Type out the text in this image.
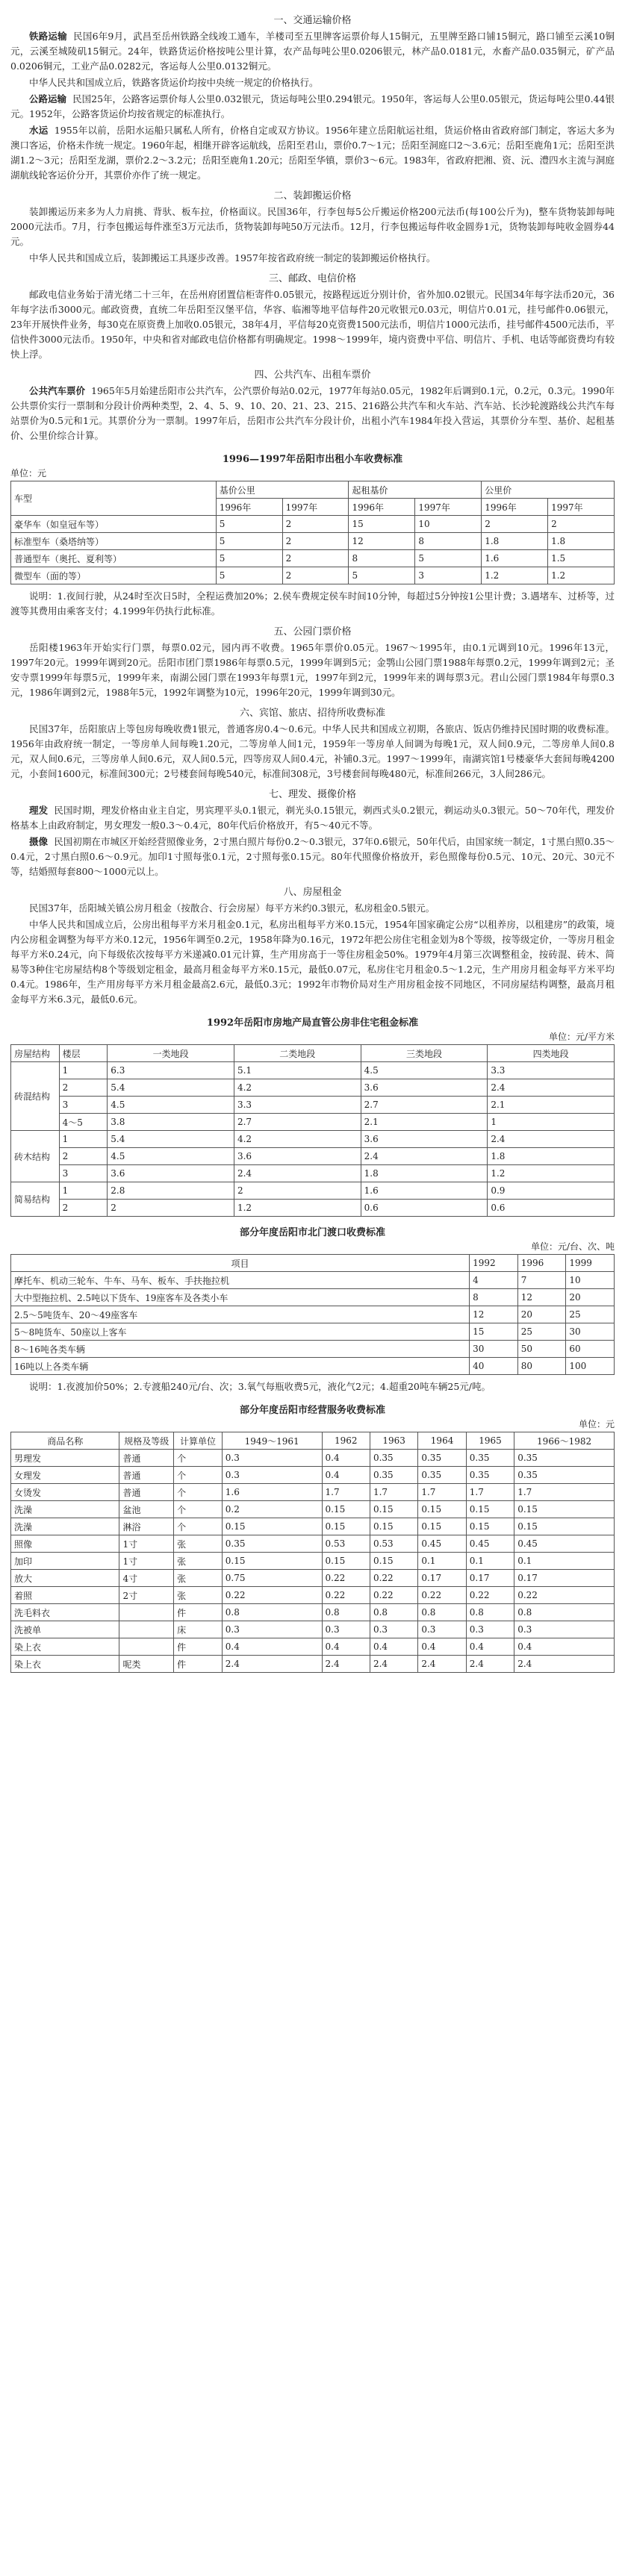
一、交通运输价格

铁路运输 民国6年9月，武昌至岳州铁路全线竣工通车，羊楼司至五里牌客运票价每人15铜元，五里牌至路口铺15铜元，路口铺至云溪10铜元，云溪至城陵矶15铜元。24年，铁路货运价格按吨公里计算，农产品每吨公里0.0206银元，林产品0.0181元，水畜产品0.035铜元，矿产品0.0206铜元，工业产品0.0282元，客运每人公里0.0132铜元。

中华人民共和国成立后，铁路客货运价均按中央统一规定的价格执行。

公路运输 民国25年，公路客运票价每人公里0.032银元，货运每吨公里0.294银元。1950年，客运每人公里0.05银元，货运每吨公里0.44银元。1952年，公路客货运价均按省规定的标准执行。

水运 1955年以前，岳阳水运船只属私人所有，价格自定或双方协议。1956年建立岳阳航运社组，货运价格由省政府部门制定，客运大多为澳口客运，价格未作统一规定。1960年起，相继开辟客运航线，岳阳至君山，票价0.7～1元；岳阳至洞庭口2～3.6元；岳阳至鹿角1元；岳阳至洪湖1.2～3元；岳阳至龙湖，票价2.2～3.2元；岳阳至鹿角1.20元；岳阳至华镇，票价3～6元。1983年，省政府把湘、资、沅、澧四水主流与洞庭湖航线轮客运价分开，其票价亦作了统一规定。

二、装卸搬运价格

装卸搬运历来多为人力肩挑、背驮、板车拉，价格面议。民国36年，行李包每5公斤搬运价格200元法币(每100公斤为)，整车货物装卸每吨2000元法币。7月，行李包搬运每件涨至3万元法币，货物装卸每吨50万元法币。12月，行李包搬运每件收金圆券1元，货物装卸每吨收金圆券44元。

中华人民共和国成立后，装卸搬运工具逐步改善。1957年按省政府统一制定的装卸搬运价格执行。

三、邮政、电信价格

邮政电信业务始于清光绪二十三年，在岳州府团置信柜寄件0.05银元，按路程远近分别计价，省外加0.02银元。民国34年每字法币20元，36年每字法币3000元。邮政资费，直统二年岳阳至汉堡平信，华容、临湘等地平信每件20元收银元0.03元，明信片0.01元，挂号邮件0.06银元，23年开展快件业务，每30克在原资费上加收0.05银元，38年4月，平信每20克资费1500元法币，明信片1000元法币，挂号邮件4500元法币，平信快件3000元法币。1950年，中央和省对邮政电信价格都有明确规定。1998～1999年，境内资费中平信、明信片、手机、电话等邮资费均有较快上浮。

四、公共汽车、出租车票价

公共汽车票价 1965年5月始建岳阳市公共汽车，公汽票价每站0.02元，1977年每站0.05元，1982年后调到0.1元，0.2元，0.3元。1990年公共票价实行一票制和分段计价两种类型，2、4、5、9、10、20、21、23、215、216路公共汽车和火车站、汽车站、长沙轮渡路线公共汽车每站票价为0.5元和1元。其票价分为一票制。1997年后，岳阳市公共汽车分段计价，出租小汽车1984年投入营运，其票价分车型、基价、起租基价、公里价综合计算。

1996—1997年岳阳市出租小车收费标准
单位：元
车型	基价公里		起租基价		公里价	
	1996年	1997年	1996年	1997年	1996年	1997年
豪华车（如皇冠车等）	5	2	15	10	2	2
标准型车（桑塔纳等）	5	2	12	8	1.8	1.8
普通型车（奥托、夏利等）	5	2	8	5	1.6	1.5
微型车（面的等）	5	2	5	3	1.2	1.2

说明：1.夜间行驶，从24时至次日5时，全程运费加20%；2.侯车费规定侯车时间10分钟，每超过5分钟按1公里计费；3.遇堵车、过桥等，过渡等其费用由乘客支付；4.1999年仍执行此标准。

五、公园门票价格

岳阳楼1963年开始实行门票，每票0.02元，园内再不收费。1965年票价0.05元。1967～1995年，由0.1元调到10元。1996年13元，1997年20元。1999年调到20元。岳阳市团门票1986年每票0.5元，1999年调到5元；金鹗山公园门票1988年每票0.2元，1999年调到2元；圣安寺票1999年每票5元，1999年来，南湖公园门票在1993年每票1元，1997年到2元，1999年来的调每票3元。君山公园门票1984年每票0.3元，1986年调到2元，1988年5元，1992年调整为10元，1996年20元，1999年调到30元。

六、宾馆、旅店、招待所收费标准

民国37年，岳阳旅店上等包房每晚收费1银元，普通客房0.4～0.6元。中华人民共和国成立初期，各旅店、饭店仍维持民国时期的收费标准。1956年由政府统一制定，一等房单人间每晚1.20元，二等房单人间1元，1959年一等房单人间调为每晚1元，双人间0.9元，二等房单人间0.8元，双人间0.6元，三等房单人间0.6元，双人间0.5元，四等房双人间0.4元，补铺0.3元。1997～1999年，南湖宾馆1号楼豪华大套间每晚4200元，小套间1600元，标准间300元；2号楼套间每晚540元，标准间308元，3号楼套间每晚480元，标准间266元，3人间286元。

七、理发、摄像价格

理发 民国时期，理发价格由业主自定，男宾理平头0.1银元，剃光头0.15银元，剃西式头0.2银元，剃运动头0.3银元。50～70年代，理发价格基本上由政府制定，男女理发一般0.3～0.4元，80年代后价格放开，有5～40元不等。

摄像 民国初期在市城区开始经营照像业务，2寸黑白照片每份0.2～0.3银元，37年0.6银元，50年代后，由国家统一制定，1寸黑白照0.35～0.4元，2寸黑白照0.6～0.9元。加印1寸照每张0.1元，2寸照每张0.15元。80年代照像价格放开，彩色照像每份0.5元、10元、20元、30元不等，结婚照每套800～1000元以上。

八、房屋租金

民国37年，岳阳城关镇公房月租金（按散合、行会房屋）每平方米约0.3银元，私房租金0.5银元。

中华人民共和国成立后，公房出租每平方米月租金0.1元，私房出租每平方米0.15元，1954年国家确定公房“以租养房，以租建房”的政策，境内公房租金调整为每平方米0.12元，1956年调至0.2元，1958年降为0.16元，1972年把公房住宅租金划为8个等级，按等级定价，一等房月租金每平方米0.24元，向下每级依次按每平方米递减0.01元计算，生产用房高于一等住房租金50%。1979年4月第三次调整租金，按砖混、砖木、简易等3种住宅房屋结构8个等级划定租金，最高月租金每平方米0.15元，最低0.07元，私房住宅月租金0.5～1.2元，生产用房月租金每平方米平均0.4元。1986年，生产用房每平方米月租金最高2.6元，最低0.3元；1992年市物价局对生产用房租金按不同地区，不同房屋结构调整，最高月租金每平方米6.3元，最低0.6元。

1992年岳阳市房地产局直管公房非住宅租金标准
单位：元/平方米
房屋结构	楼层	一类地段	二类地段	三类地段	四类地段
砖混结构	1	6.3	5.1	4.5	3.3
	2	5.4	4.2	3.6	2.4
	3	4.5	3.3	2.7	2.1
	4～5	3.8	2.7	2.1	1
砖木结构	1	5.4	4.2	3.6	2.4
	2	4.5	3.6	2.4	1.8
	3	3.6	2.4	1.8	1.2
简易结构	1	2.8	2	1.6	0.9
	2	2	1.2	0.6	0.6
部分年度岳阳市北门渡口收费标准
单位：元/台、次、吨
项目	1992	1996	1999
摩托车、机动三轮车、牛车、马车、板车、手扶拖拉机	4	7	10
大中型拖拉机、2.5吨以下货车、19座客车及各类小车	8	12	20
2.5～5吨货车、20～49座客车	12	20	25
5～8吨货车、50座以上客车	15	25	30
8～16吨各类车辆	30	50	60
16吨以上各类车辆	40	80	100

说明：1.夜渡加价50%；2.专渡船240元/台、次；3.氧气每瓶收费5元，液化气2元；4.超重20吨车辆25元/吨。

部分年度岳阳市经营服务收费标准
单位：元
商品名称	规格及等级	计算单位	1949～1961	1962	1963	1964	1965	1966～1982
男理发	普通	个	0.3	0.4	0.35	0.35	0.35	0.35
女理发	普通	个	0.3	0.4	0.35	0.35	0.35	0.35
女烫发	普通	个	1.6	1.7	1.7	1.7	1.7	1.7
洗澡	盆池	个	0.2	0.15	0.15	0.15	0.15	0.15
洗澡	淋浴	个	0.15	0.15	0.15	0.15	0.15	0.15
照像	1寸	张	0.35	0.53	0.53	0.45	0.45	0.45
加印	1寸	张	0.15	0.15	0.15	0.1	0.1	0.1
放大	4寸	张	0.75	0.22	0.22	0.17	0.17	0.17
着照	2寸	张	0.22	0.22	0.22	0.22	0.22	0.22
洗毛料衣		件	0.8	0.8	0.8	0.8	0.8	0.8
洗被单		床	0.3	0.3	0.3	0.3	0.3	0.3
染上衣		件	0.4	0.4	0.4	0.4	0.4	0.4
染上衣	呢类	件	2.4	2.4	2.4	2.4	2.4	2.4
